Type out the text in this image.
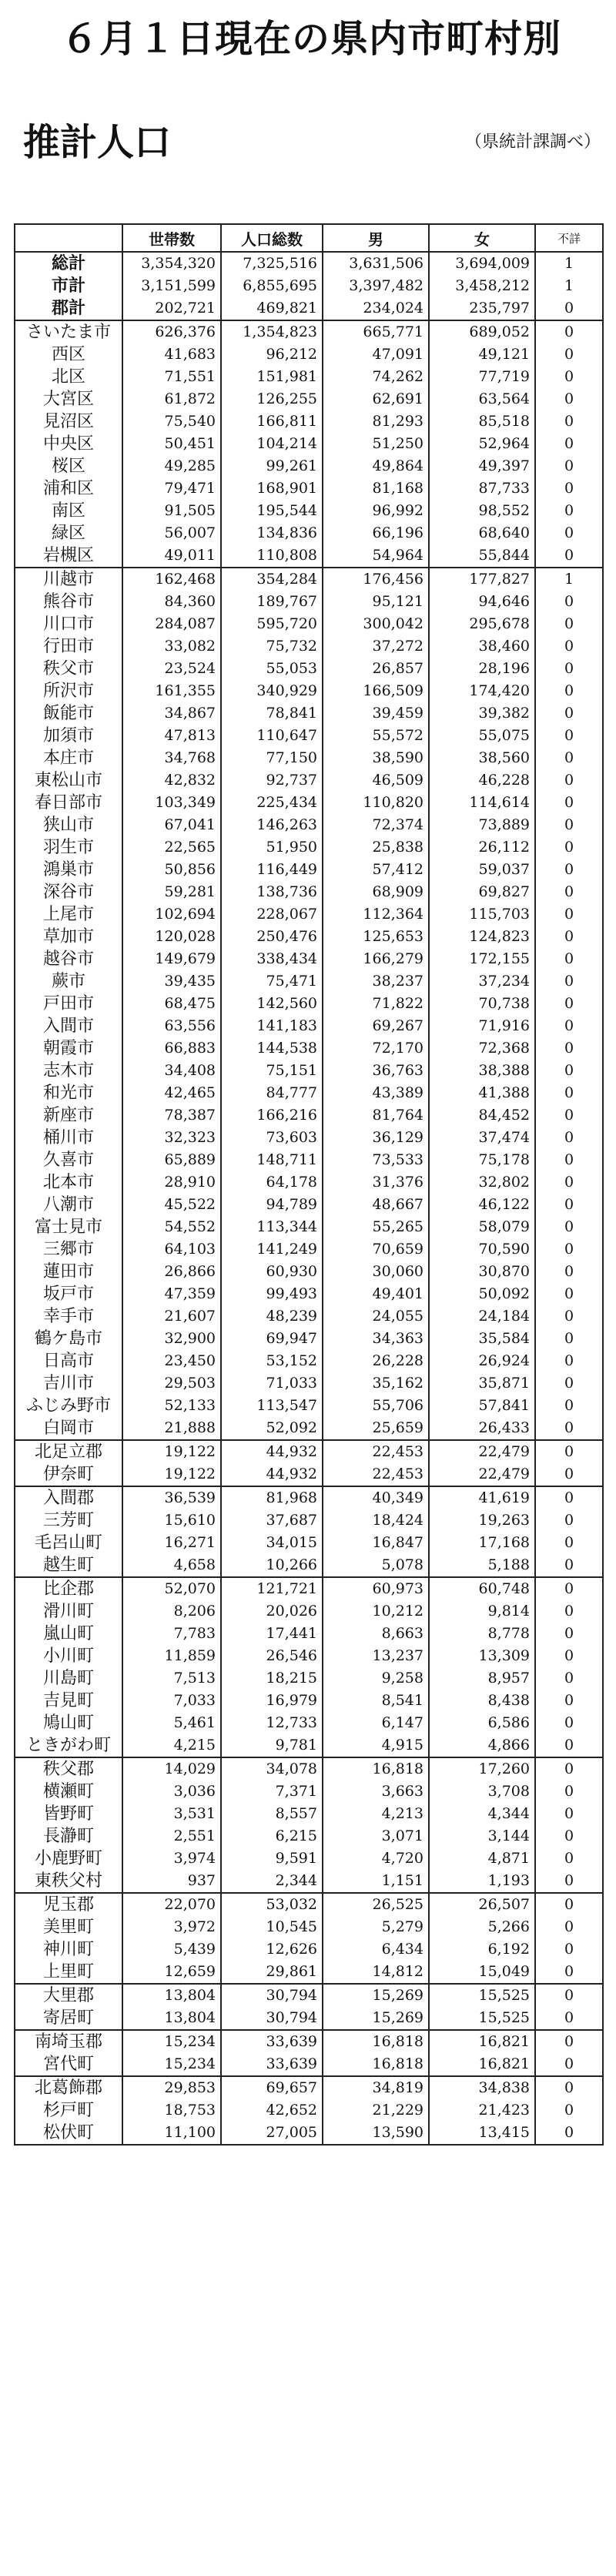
６月１日現在の県内市町村別
推計人口	（県統計課調べ）
	世帯数	人口総数	男	女	不詳
総計	3,354,320	7,325,516	3,631,506	3,694,009	1
市計	3,151,599	6,855,695	3,397,482	3,458,212	1
郡計	202,721	469,821	234,024	235,797	0
さいたま市	626,376	1,354,823	665,771	689,052	0
西区	41,683	96,212	47,091	49,121	0
北区	71,551	151,981	74,262	77,719	0
大宮区	61,872	126,255	62,691	63,564	0
見沼区	75,540	166,811	81,293	85,518	0
中央区	50,451	104,214	51,250	52,964	0
桜区	49,285	99,261	49,864	49,397	0
浦和区	79,471	168,901	81,168	87,733	0
南区	91,505	195,544	96,992	98,552	0
緑区	56,007	134,836	66,196	68,640	0
岩槻区	49,011	110,808	54,964	55,844	0
川越市	162,468	354,284	176,456	177,827	1
熊谷市	84,360	189,767	95,121	94,646	0
川口市	284,087	595,720	300,042	295,678	0
行田市	33,082	75,732	37,272	38,460	0
秩父市	23,524	55,053	26,857	28,196	0
所沢市	161,355	340,929	166,509	174,420	0
飯能市	34,867	78,841	39,459	39,382	0
加須市	47,813	110,647	55,572	55,075	0
本庄市	34,768	77,150	38,590	38,560	0
東松山市	42,832	92,737	46,509	46,228	0
春日部市	103,349	225,434	110,820	114,614	0
狭山市	67,041	146,263	72,374	73,889	0
羽生市	22,565	51,950	25,838	26,112	0
鴻巣市	50,856	116,449	57,412	59,037	0
深谷市	59,281	138,736	68,909	69,827	0
上尾市	102,694	228,067	112,364	115,703	0
草加市	120,028	250,476	125,653	124,823	0
越谷市	149,679	338,434	166,279	172,155	0
蕨市	39,435	75,471	38,237	37,234	0
戸田市	68,475	142,560	71,822	70,738	0
入間市	63,556	141,183	69,267	71,916	0
朝霞市	66,883	144,538	72,170	72,368	0
志木市	34,408	75,151	36,763	38,388	0
和光市	42,465	84,777	43,389	41,388	0
新座市	78,387	166,216	81,764	84,452	0
桶川市	32,323	73,603	36,129	37,474	0
久喜市	65,889	148,711	73,533	75,178	0
北本市	28,910	64,178	31,376	32,802	0
八潮市	45,522	94,789	48,667	46,122	0
富士見市	54,552	113,344	55,265	58,079	0
三郷市	64,103	141,249	70,659	70,590	0
蓮田市	26,866	60,930	30,060	30,870	0
坂戸市	47,359	99,493	49,401	50,092	0
幸手市	21,607	48,239	24,055	24,184	0
鶴ケ島市	32,900	69,947	34,363	35,584	0
日高市	23,450	53,152	26,228	26,924	0
吉川市	29,503	71,033	35,162	35,871	0
ふじみ野市	52,133	113,547	55,706	57,841	0
白岡市	21,888	52,092	25,659	26,433	0
北足立郡	19,122	44,932	22,453	22,479	0
伊奈町	19,122	44,932	22,453	22,479	0
入間郡	36,539	81,968	40,349	41,619	0
三芳町	15,610	37,687	18,424	19,263	0
毛呂山町	16,271	34,015	16,847	17,168	0
越生町	4,658	10,266	5,078	5,188	0
比企郡	52,070	121,721	60,973	60,748	0
滑川町	8,206	20,026	10,212	9,814	0
嵐山町	7,783	17,441	8,663	8,778	0
小川町	11,859	26,546	13,237	13,309	0
川島町	7,513	18,215	9,258	8,957	0
吉見町	7,033	16,979	8,541	8,438	0
鳩山町	5,461	12,733	6,147	6,586	0
ときがわ町	4,215	9,781	4,915	4,866	0
秩父郡	14,029	34,078	16,818	17,260	0
横瀬町	3,036	7,371	3,663	3,708	0
皆野町	3,531	8,557	4,213	4,344	0
長瀞町	2,551	6,215	3,071	3,144	0
小鹿野町	3,974	9,591	4,720	4,871	0
東秩父村	937	2,344	1,151	1,193	0
児玉郡	22,070	53,032	26,525	26,507	0
美里町	3,972	10,545	5,279	5,266	0
神川町	5,439	12,626	6,434	6,192	0
上里町	12,659	29,861	14,812	15,049	0
大里郡	13,804	30,794	15,269	15,525	0
寄居町	13,804	30,794	15,269	15,525	0
南埼玉郡	15,234	33,639	16,818	16,821	0
宮代町	15,234	33,639	16,818	16,821	0
北葛飾郡	29,853	69,657	34,819	34,838	0
杉戸町	18,753	42,652	21,229	21,423	0
松伏町	11,100	27,005	13,590	13,415	0
